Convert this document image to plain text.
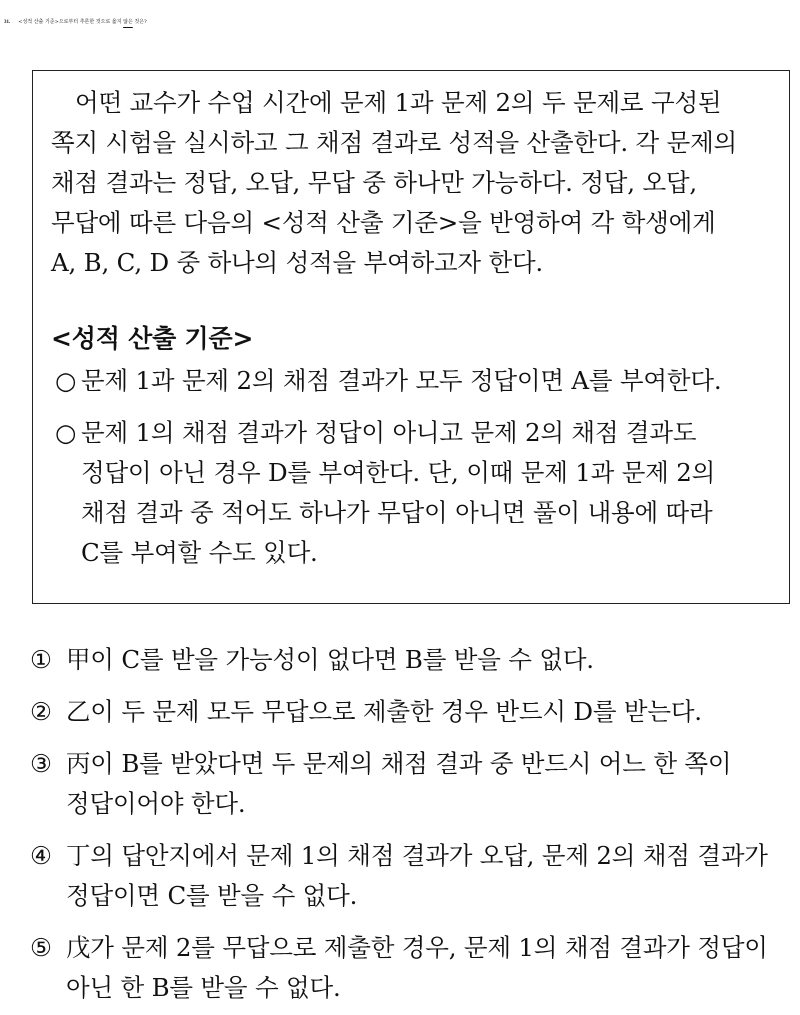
31. <성적 산출 기준>으로부터 추론한 것으로 옳지 않은 것은?
어떤 교수가 수업 시간에 문제 1과 문제 2의 두 문제로 구성된
쪽지 시험을 실시하고 그 채점 결과로 성적을 산출한다. 각 문제의
채점 결과는 정답, 오답, 무답 중 하나만 가능하다. 정답, 오답,
무답에 따른 다음의 <성적 산출 기준>을 반영하여 각 학생에게
A, B, C, D 중 하나의 성적을 부여하고자 한다.
<성적 산출 기준>
○ 문제 1과 문제 2의 채점 결과가 모두 정답이면 A를 부여한다.
○ 문제 1의 채점 결과가 정답이 아니고 문제 2의 채점 결과도
정답이 아닌 경우 D를 부여한다. 단, 이때 문제 1과 문제 2의
채점 결과 중 적어도 하나가 무답이 아니면 풀이 내용에 따라
C를 부여할 수도 있다.
① 甲이 C를 받을 가능성이 없다면 B를 받을 수 없다.
② 乙이 두 문제 모두 무답으로 제출한 경우 반드시 D를 받는다.
③ 丙이 B를 받았다면 두 문제의 채점 결과 중 반드시 어느 한 쪽이
정답이어야 한다.
④ 丁의 답안지에서 문제 1의 채점 결과가 오답, 문제 2의 채점 결과가
정답이면 C를 받을 수 없다.
⑤ 戊가 문제 2를 무답으로 제출한 경우, 문제 1의 채점 결과가 정답이
아닌 한 B를 받을 수 없다.
